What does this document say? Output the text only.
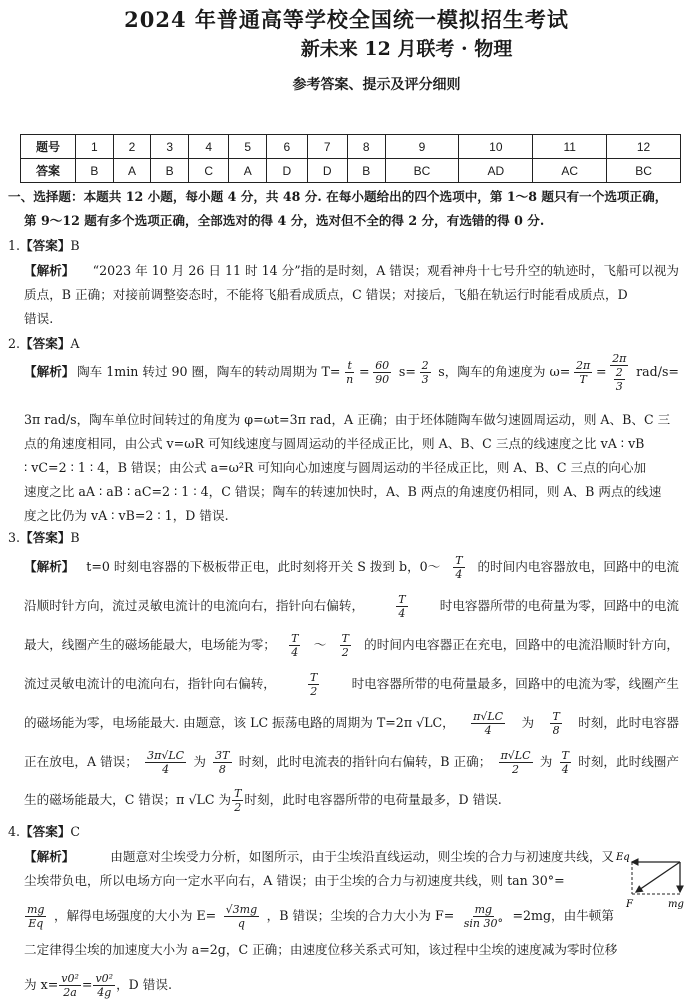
2024 年普通高等学校全国统一模拟招生考试
新未来 12 月联考 · 物理
参考答案、提示及评分细则
题号	1	2	3	4	5	6	7	8	9	10	11	12
答案	B	A	B	C	A	D	D	B	BC	AD	AC	BC
一、选择题：本题共 12 小题，每小题 4 分，共 48 分. 在每小题给出的四个选项中，第 1～8 题只有一个选项正确，
第 9～12 题有多个选项正确，全部选对的得 4 分，选对但不全的得 2 分，有选错的得 0 分.
1. 【答案】 B
【解析】 “2023 年 10 月 26 日 11 时 14 分”指的是时刻，A 错误；观看神舟十七号升空的轨迹时，飞船可以视为
质点，B 正确；对接前调整姿态时，不能将飞船看成质点，C 错误；对接后，飞船在轨运行时能看成质点，D
错误.
2. 【答案】 A
【解析】 陶车 1min 转过 90 圈，陶车的转动周期为 $T= \frac{t}{n} = \frac{60}{90} s= \frac{2}{3}$ s，陶车的角速度为 $\omega= \frac{2\pi}{T} = \frac{2\pi}{\frac{2}{3}} rad/s=$
3π rad/s，陶车单位时间转过的角度为 φ=ωt=3π rad，A 正确；由于坯体随陶车做匀速圆周运动，则 A、B、C 三
点的角速度相同，由公式 v=ωR 可知线速度与圆周运动的半径成正比，则 A、B、C 三点的线速度之比 vA ∶ vB
∶ vC=2 ∶ 1 ∶ 4，B 错误；由公式 a=ω²R 可知向心加速度与圆周运动的半径成正比，则 A、B、C 三点的向心加
速度之比 aA ∶ aB ∶ aC=2 ∶ 1 ∶ 4，C 错误；陶车的转速加快时，A、B 两点的角速度仍相同，则 A、B 两点的线速
度之比仍为 vA ∶ vB=2 ∶ 1，D 错误.
3. 【答案】 B
【解析】 t=0 时刻电容器的下极板带正电，此时刻将开关 S 拨到 b，0～ $\frac{T}{4}$ 的时间内电容器放电，回路中的电流
沿顺时针方向，流过灵敏电流计的电流向右，指针向右偏转，	$\frac{T}{4}$	时电容器所带的电荷量为零，回路中的电流
最大，线圈产生的磁场能最大，电场能为零； $\frac{T}{4}$ ～ $\frac{T}{2}$ 的时间内电容器正在充电，回路中的电流沿顺时针方向，
流过灵敏电流计的电流向右，指针向右偏转，	$\frac{T}{2}$	时电容器所带的电荷量最多，回路中的电流为零，线圈产生
的磁场能为零，电场能最大. 由题意，该 LC 振荡电路的周期为 T=2π √LC， $\frac{\pi√LC}{4}$ 为 $\frac{T}{8}$ 时刻，此时电容器
正在放电，A 错误； $\frac{3\pi√LC}{4}$ 为 $\frac{3T}{8}$ 时刻，此时电流表的指针向右偏转，B 正确； $\frac{\pi√LC}{2}$ 为 $\frac{T}{4}$ 时刻，此时线圈产
生的磁场能最大，C 错误；π √LC 为 $\frac{T}{2}$ 时刻，此时电容器所带的电荷量最多，D 错误.
4. 【答案】 C
【解析】	由题意对尘埃受力分析，如图所示，由于尘埃沿直线运动，则尘埃的合力与初速度共线，又
尘埃带负电，所以电场方向一定水平向右，A 错误；由于尘埃的合力与初速度共线，则 tan 30°=
$\frac{mg}{Eq}$ ，解得电场强度的大小为 $E= \frac{√3mg}{q}$ ，B 错误；尘埃的合力大小为 $F= \frac{mg}{\sin 30^\circ} =2mg$，由牛顿第
二定律得尘埃的加速度大小为 a=2g，C 正确；由速度位移关系式可知，该过程中尘埃的速度减为零时位移
为 $x= \frac{\text{v0²}}{2a} = \frac{\text{v0²}}{4g}$ ，D 错误.
Eq
F	mg
